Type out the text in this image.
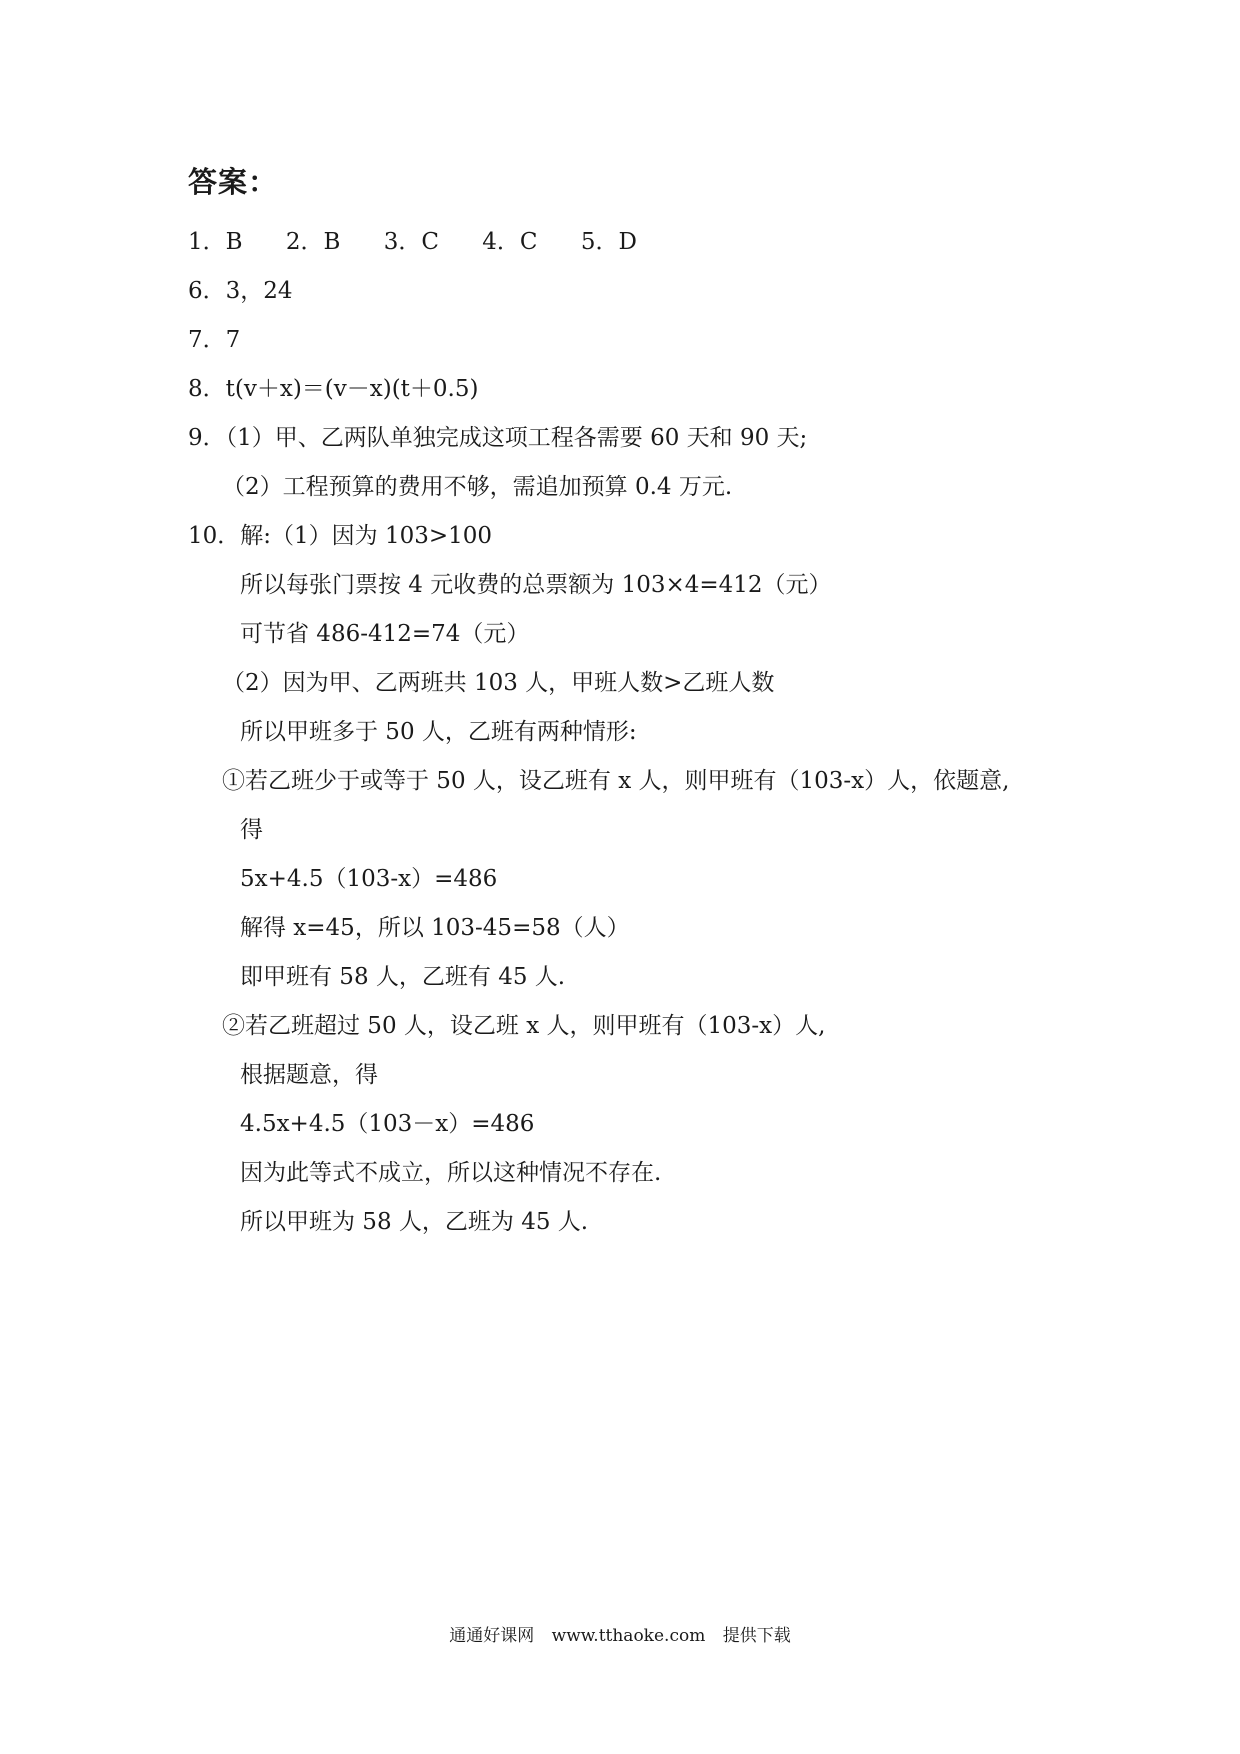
答案：
1．B 2．B 3．C 4．C 5．D
6．3，24
7．7
8．t(v＋x)＝(v－x)(t＋0.5)
9．（1）甲、乙两队单独完成这项工程各需要 60 天和 90 天;
（2）工程预算的费用不够，需追加预算 0.4 万元.
10．解:（1）因为 103>100
所以每张门票按 4 元收费的总票额为 103×4=412（元）
可节省 486-412=74（元）
（2）因为甲、乙两班共 103 人，甲班人数>乙班人数
所以甲班多于 50 人，乙班有两种情形:
①若乙班少于或等于 50 人，设乙班有 x 人，则甲班有（103-x）人，依题意,
得
5x+4.5（103-x）=486
解得 x=45，所以 103-45=58（人）
即甲班有 58 人，乙班有 45 人.
②若乙班超过 50 人，设乙班 x 人，则甲班有（103-x）人,
根据题意，得
4.5x+4.5（103－x）=486
因为此等式不成立，所以这种情况不存在.
所以甲班为 58 人，乙班为 45 人.
通通好课网 www.tthaoke.com 提供下载
